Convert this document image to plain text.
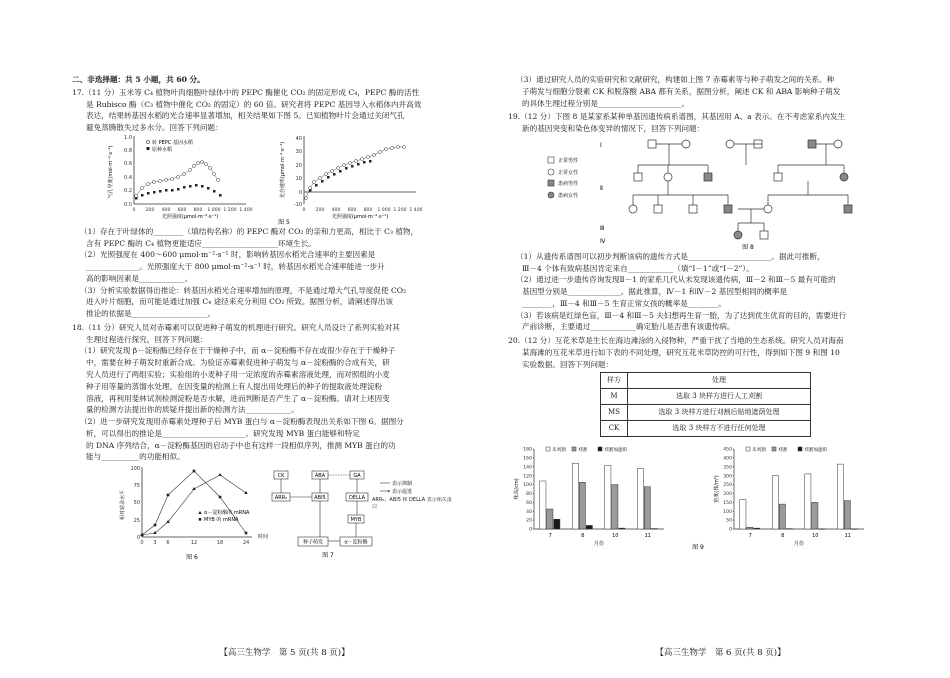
二、非选择题：共 5 小题，共 60 分。
17.（11 分）玉米等 C₄ 植物叶肉细胞叶绿体中的 PEPC 酶催化 CO₂ 的固定形成 C₄，PEPC 酶的活性
是 Rubisco 酶（C₃ 植物中催化 CO₂ 的固定）的 60 倍。研究者将 PEPC 基因导入水稻体内并高效
表达，结果转基因水稻的光合速率显著增加，相关结果如下图 5。已知植物叶片会通过关闭气孔
避免蒸腾散失过多水分。回答下列问题：
0.0
0.2
0.4
0.6
0.8
1.0
0 200 400 600 800 1 000 1 200 1 400
光照强度(μmol·m⁻²·s⁻¹)
气孔导度(mol·m⁻²·s⁻¹)
转 PEPC 基因水稻
原种水稻
-10
0
10
20
30
40
0 200 400 600 800 1 000 1 200 1 400
光照强度(μmol·m⁻²·s⁻¹)
光合速率(μmol·m⁻²·s⁻¹)
图 5
（1）存在于叶绿体的________（填结构名称）的 PEPC 酶对 CO₂ 的亲和力更高，相比于 C₃ 植物，
含有 PEPC 酶的 C₄ 植物更能适应____________________环境生长。
（2）光照强度在 400～600 μmol·m⁻²·s⁻¹ 时，影响转基因水稻光合速率的主要因素是
______________。光照强度大于 800 μmol·m⁻²·s⁻¹ 时，转基因水稻光合速率能进一步升
高的影响因素是____________。
（3）分析实验数据得出推论：转基因水稻光合速率增加的原理，不是通过增大气孔导度促使 CO₂
进入叶片细胞，而可能是通过加强 C₄ 途径来充分利用 CO₂ 所致。据图分析，请阐述得出该
推论的依据是____________________。
18.（11 分）研究人员对赤霉素可以促进种子萌发的机理进行研究。研究人员设计了系列实验对其
生理过程进行探究，回答下列问题：
（1）研究发现 β－淀粉酶已经存在于干燥种子中，而 α－淀粉酶不存在或很少存在于干燥种子
中，需要在种子萌发时重新合成。为验证赤霉素促进种子萌发与 α－淀粉酶的合成有关，研
究人员进行了两组实验；实验组的小麦种子用一定浓度的赤霉素溶液处理，而对照组的小麦
种子用等量的蒸馏水处理。在因变量的检测上有人提出用处理后的种子的提取液处理淀粉
溶液，再利用斐林试剂检测淀粉是否水解，进而判断是否产生了 α－淀粉酶。请对上述因变
量的检测方法提出你的质疑并提出新的检测方法____________。
（2）进一步研究发现用赤霉素处理种子后 MYB 蛋白与 α－淀粉酶表现出关系如下图 6。据图分
析，可以得出的推论是______________________。研究发现 MYB 蛋白能够和特定
的 DNA 序列结合，α－淀粉酶基因的启动子中也有这样一段相似序列，推测 MYB 蛋白的功
能与__________的功能相似。
0
25
50
75
100
0 3 6	12	18	24
时间
相对转录水平	α－淀粉酶的 mRNA
MYB 的 mRNA
图 6
CK	ABA	GA
ARR₅	ABI5	DELLA
MYB
种子萌发	α－淀粉酶
表示抑制
表示促进
ARR₅、ABI5 和 DELLA 表示相关蛋白
图 7
【高三生物学　第 5 页(共 8 页)】
（3）通过研究人员的实验研究和文献研究，构建如上图 7 赤霉素等与种子萌发之间的关系。种
子萌发与细胞分裂素 CK 和脱落酸 ABA 都有关系，据图分析，阐述 CK 和 ABA 影响种子萌发
的具体生理过程分别是______________________。
19.（12 分）下图 8 是某家系某种单基因遗传病系谱图，其基因用 A、a 表示。在不考虑家系内发生
新的基因突变和染色体变异的情况下，回答下列问题：
Ⅰ
Ⅱ
Ⅲ
Ⅳ
正常男性
正常女性
患病男性
患病女性
图 8
（1）从遗传系谱图可以初步判断该病的遗传方式是______________________。据此可推断，
Ⅲ－4 个体有致病基因肯定来自____________（填“Ⅰ－1”或“Ⅰ－2”）。
（2）通过进一步遗传咨询发现Ⅱ－1 的家系几代从未发现该遗传病，Ⅲ－2 和Ⅲ－5 最有可能的
基因型分别是______________。据此推算，Ⅳ－1 和Ⅳ－2 基因型相同的概率是
________，Ⅲ－4 和Ⅲ－5 生育正常女孩的概率是________。
（3）若该病是红绿色盲，Ⅲ－4 和Ⅲ－5 夫妇想再生育一胎，为了达到优生优育的目的，需要进行
产前诊断，主要通过____________确定胎儿是否患有该遗传病。
20.（12 分）互花米草是生长在海边滩涂的入侵物种，严重干扰了当地的生态系统。研究人员对海南
某海滩的互花米草进行如下表的不同处理，研究互花米草防控的可行性，得到如下图 9 和图 10
实验数据。回答下列问题：
样方	处理
M	选取 3 块样方进行人工刈割
MS	选取 3 块样方进行刈割后贴地遮荫处理
CK	选取 3 块样方不进行任何处理
0
20
40
60
80
100
120
140
160
180
株高(cm)
月份
7	8	10	11
未刈割	刈割	刈割加遮荫
0
50
100
150
200
250
300
350
400
450
密度(株/m²)
月份
7	8	10	11
未刈割	刈割	刈割加遮荫
图 9
【高三生物学　第 6 页(共 8 页)】
